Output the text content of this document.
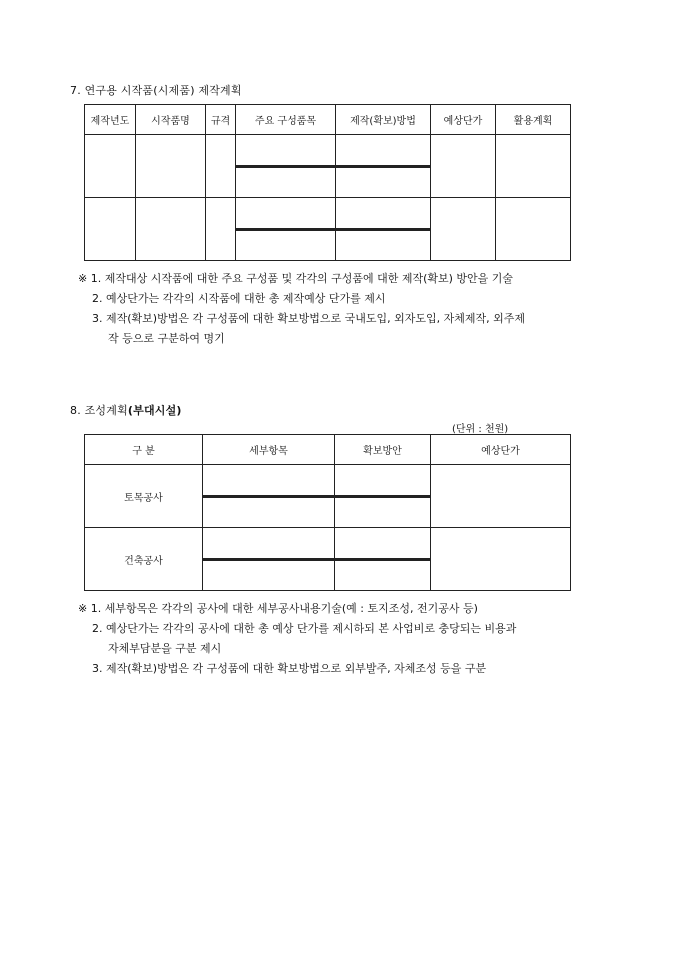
7. 연구용 시작품(시제품) 제작계획
제작년도	시작품명	규격	주요 구성품목	제작(확보)방법	예상단가	활용계획

※ 1. 제작대상 시작품에 대한 주요 구성품 및 각각의 구성품에 대한 제작(확보) 방안을 기술

2. 예상단가는 각각의 시작품에 대한 총 제작예상 단가를 제시

3. 제작(확보)방법은 각 구성품에 대한 확보방법으로 국내도입, 외자도입, 자체제작, 외주제

작 등으로 구분하여 명기

8. 조성계획(부대시설)
(단위 : 천원)
구 분	세부항목	확보방안	예상단가
토목공사	

건축공사	

※ 1. 세부항목은 각각의 공사에 대한 세부공사내용기술(예 : 토지조성, 전기공사 등)

2. 예상단가는 각각의 공사에 대한 총 예상 단가를 제시하되 본 사업비로 충당되는 비용과

자체부담분을 구분 제시

3. 제작(확보)방법은 각 구성품에 대한 확보방법으로 외부발주, 자체조성 등을 구분
